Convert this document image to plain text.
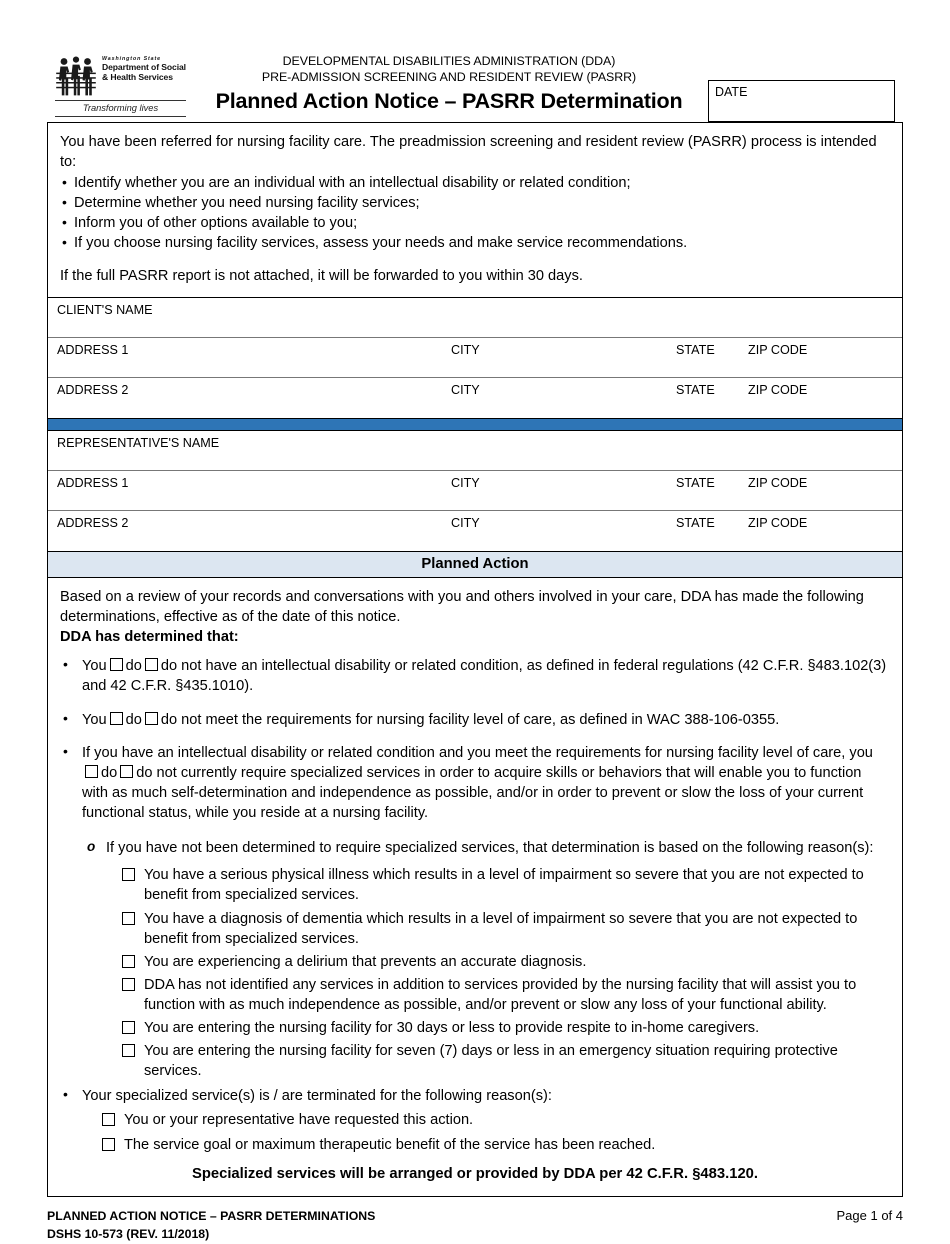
Washington State
Department of Social
& Health Services
Transforming lives
DEVELOPMENTAL DISABILITIES ADMINISTRATION (DDA)
PRE-ADMISSION SCREENING AND RESIDENT REVIEW (PASRR)
Planned Action Notice – PASRR Determination	DATE

You have been referred for nursing facility care. The preadmission screening and resident review (PASRR) process is intended to:

• Identify whether you are an individual with an intellectual disability or related condition;
• Determine whether you need nursing facility services;
• Inform you of other options available to you;
• If you choose nursing facility services, assess your needs and make service recommendations.

If the full PASRR report is not attached, it will be forwarded to you within 30 days.

CLIENT'S NAME
ADDRESS 1	CITY	STATE	ZIP CODE
ADDRESS 2	CITY	STATE	ZIP CODE
REPRESENTATIVE'S NAME
ADDRESS 1	CITY	STATE	ZIP CODE
ADDRESS 2	CITY	STATE	ZIP CODE
Planned Action

Based on a review of your records and conversations with you and others involved in your care, DDA has made the following determinations, effective as of the date of this notice.

DDA has determined that:

• You do do not have an intellectual disability or related condition, as defined in federal regulations (42 C.F.R. §483.102(3) and 42 C.F.R. §435.1010).
• You do do not meet the requirements for nursing facility level of care, as defined in WAC 388-106-0355.
• If you have an intellectual disability or related condition and you meet the requirements for nursing facility level of care, youdo do not currently require specialized services in order to acquire skills or behaviors that will enable you to function with as much self-determination and independence as possible, and/or in order to prevent or slow the loss of your current functional status, while you reside at a nursing facility.
o If you have not been determined to require specialized services, that determination is based on the following reason(s):
You have a serious physical illness which results in a level of impairment so severe that you are not expected to benefit from specialized services.
You have a diagnosis of dementia which results in a level of impairment so severe that you are not expected to benefit from specialized services.
You are experiencing a delirium that prevents an accurate diagnosis.
DDA has not identified any services in addition to services provided by the nursing facility that will assist you to function with as much independence as possible, and/or prevent or slow any loss of your functional ability.
You are entering the nursing facility for 30 days or less to provide respite to in-home caregivers.
You are entering the nursing facility for seven (7) days or less in an emergency situation requiring protective services.
• Your specialized service(s) is / are terminated for the following reason(s):
You or your representative have requested this action.
The service goal or maximum therapeutic benefit of the service has been reached.
Specialized services will be arranged or provided by DDA per 42 C.F.R. §483.120.
PLANNED ACTION NOTICE – PASRR DETERMINATIONS
DSHS 10-573 (REV. 11/2018)
Page 1 of 4
